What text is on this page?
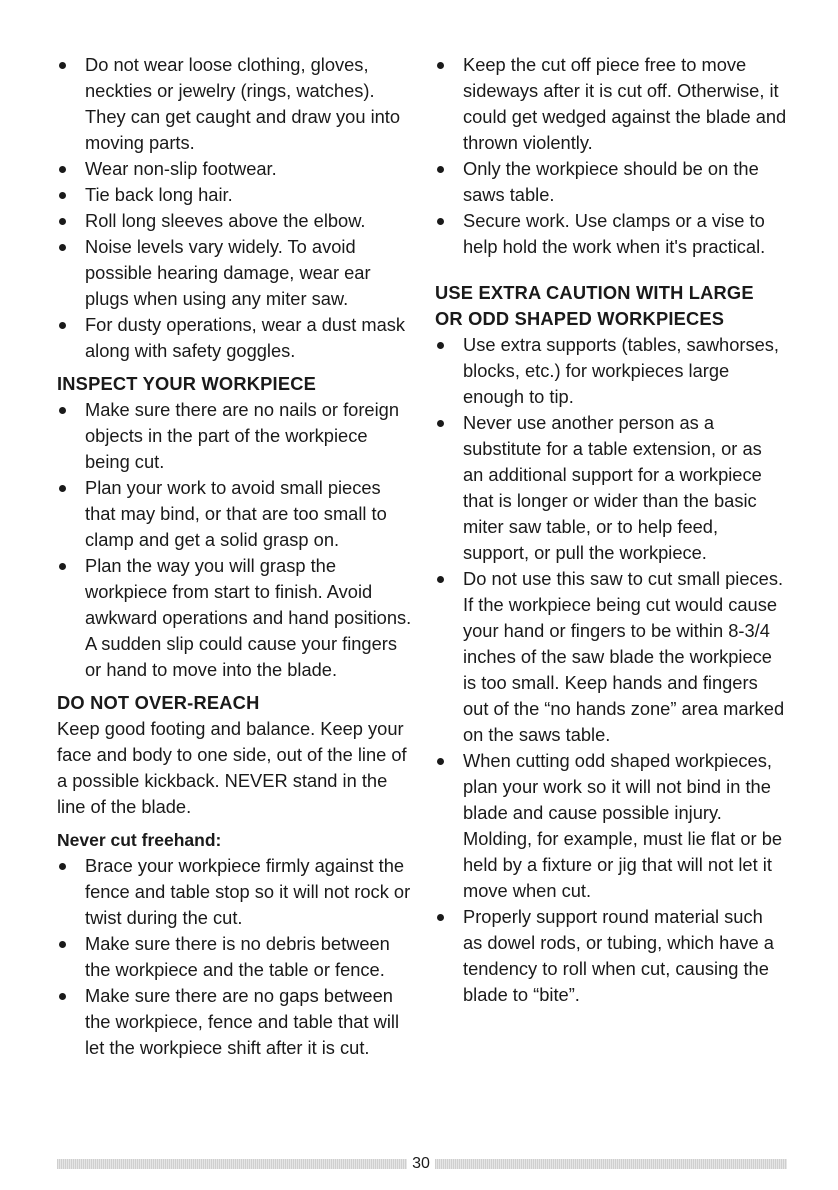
Do not wear loose clothing, gloves, neckties or jewelry (rings, watches). They can get caught and draw you into moving parts.
Wear non-slip footwear.
Tie back long hair.
Roll long sleeves above the elbow.
Noise levels vary widely. To avoid possible hearing damage, wear ear plugs when using any miter saw.
For dusty operations, wear a dust mask along with safety goggles.
INSPECT YOUR WORKPIECE
Make sure there are no nails or foreign objects in the part of the workpiece being cut.
Plan your work to avoid small pieces that may bind, or that are too small to clamp and get a solid grasp on.
Plan the way you will grasp the workpiece from start to finish. Avoid awkward operations and hand positions. A sudden slip could cause your fingers or hand to move into the blade.
DO NOT OVER-REACH

Keep good footing and balance. Keep your face and body to one side, out of the line of a possible kickback. NEVER stand in the line of the blade.

Never cut freehand:
Brace your workpiece firmly against the fence and table stop so it will not rock or twist during the cut.
Make sure there is no debris between the workpiece and the table or fence.
Make sure there are no gaps between the workpiece, fence and table that will let the workpiece shift after it is cut.
Keep the cut off piece free to move sideways after it is cut off. Otherwise, it could get wedged against the blade and thrown violently.
Only the workpiece should be on the saws table.
Secure work. Use clamps or a vise to help hold the work when it's practical.
USE EXTRA CAUTION WITH LARGE
OR ODD SHAPED WORKPIECES
Use extra supports (tables, sawhorses, blocks, etc.) for workpieces large enough to tip.
Never use another person as a substitute for a table extension, or as an additional support for a workpiece that is longer or wider than the basic miter saw table, or to help feed, support, or pull the workpiece.
Do not use this saw to cut small pieces. If the workpiece being cut would cause your hand or fingers to be within 8-3/4 inches of the saw blade the workpiece is too small. Keep hands and fingers out of the “no hands zone” area marked on the saws table.
When cutting odd shaped workpieces, plan your work so it will not bind in the blade and cause possible injury. Molding, for example, must lie flat or be held by a fixture or jig that will not let it move when cut.
Properly support round material such as dowel rods, or tubing, which have a tendency to roll when cut, causing the blade to “bite”.
30
